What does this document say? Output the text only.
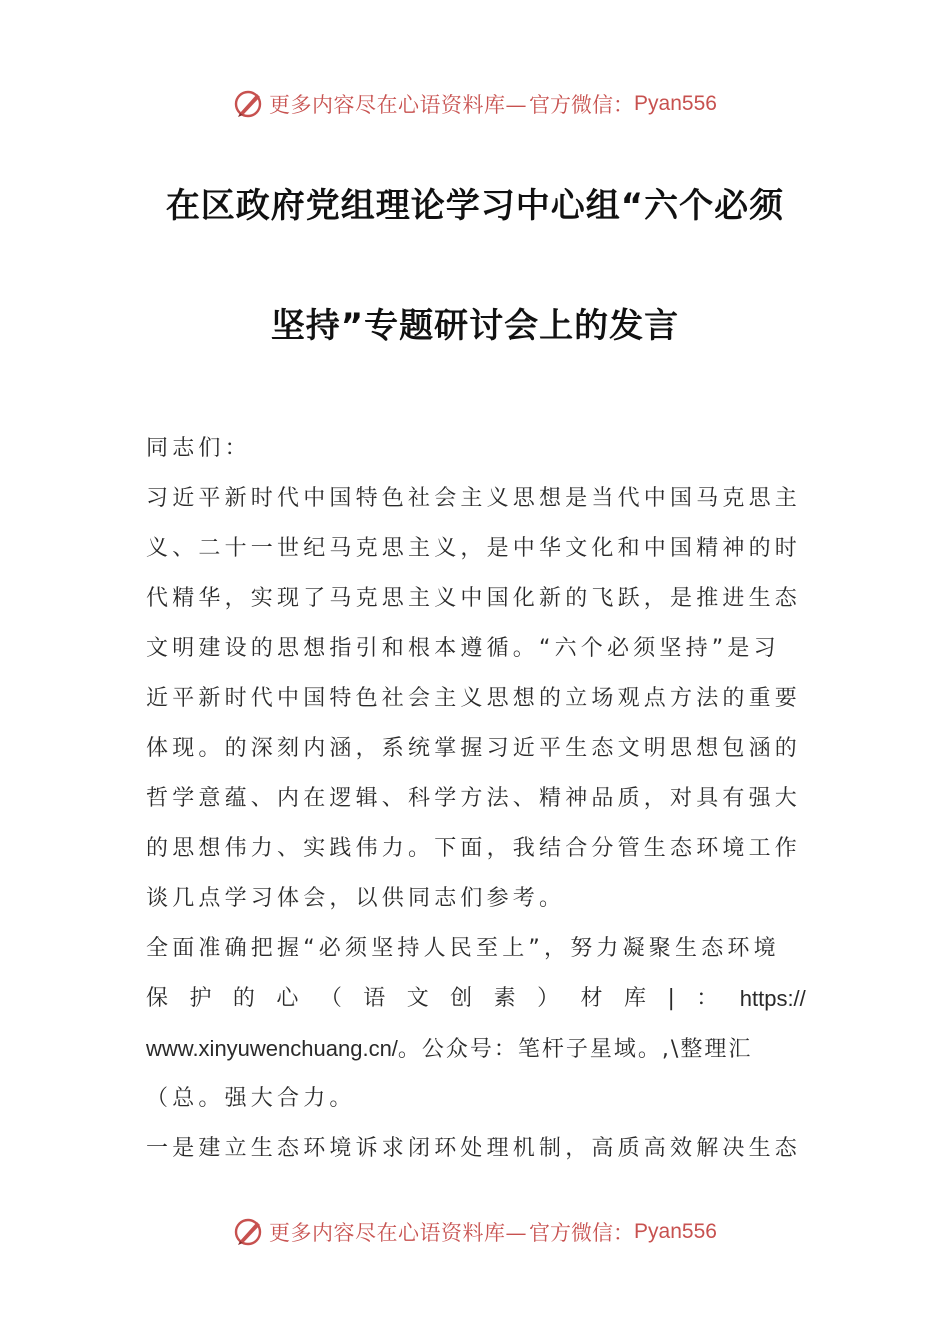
更多内容尽在心语资料库— 官方微信： Pyan556
在区政府党组理论学习中心组“六个必须
坚持”专题研讨会上的发言
同志们：
习近平新时代中国特色社会主义思想是当代中国马克思主
义、二十一世纪马克思主义，是中华文化和中国精神的时
代精华，实现了马克思主义中国化新的飞跃，是推进生态
文明建设的思想指引和根本遵循。“六个必须坚持”是习
近平新时代中国特色社会主义思想的立场观点方法的重要
体现。的深刻内涵，系统掌握习近平生态文明思想包涵的
哲学意蕴、内在逻辑、科学方法、精神品质，对具有强大
的思想伟力、实践伟力。下面，我结合分管生态环境工作
谈几点学习体会，以供同志们参考。
全面准确把握“必须坚持人民至上”，努力凝聚生态环境
保 护 的 心 （ 语 文 创 素 ） 材 库 | ： https://
www.xinyuwenchuang.cn/。公众号：笔杆子星域。,\整理汇
（总。强大合力。
一是建立生态环境诉求闭环处理机制，高质高效解决生态
更多内容尽在心语资料库— 官方微信： Pyan556
